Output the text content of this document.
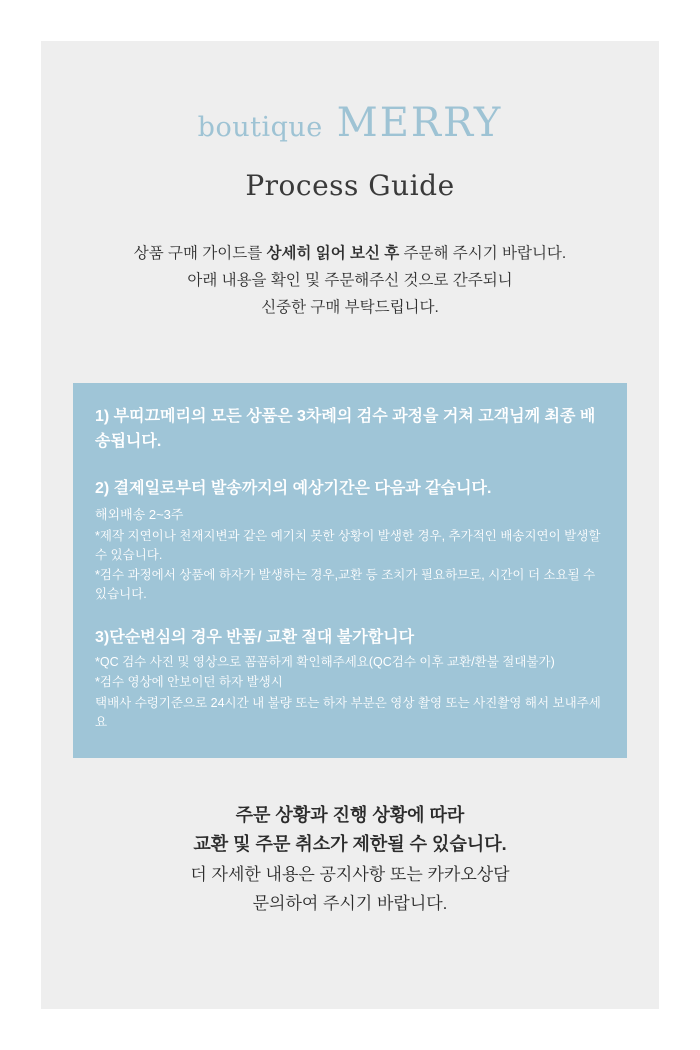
boutique MERRY
Process Guide
상품 구매 가이드를 상세히 읽어 보신 후 주문해 주시기 바랍니다.
아래 내용을 확인 및 주문해주신 것으로 간주되니
신중한 구매 부탁드립니다.

1) 부띠끄메리의 모든 상품은 3차례의 검수 과정을 거쳐 고객님께 최종 배송됩니다.

2) 결제일로부터 발송까지의 예상기간은 다음과 같습니다.

해외배송 2~3주

*제작 지연이나 천재지변과 같은 예기치 못한 상황이 발생한 경우, 추가적인 배송지연이 발생할 수 있습니다.

*검수 과정에서 상품에 하자가 발생하는 경우,교환 등 조치가 필요하므로, 시간이 더 소요될 수 있습니다.

3)단순변심의 경우 반품/ 교환 절대 불가합니다

*QC 검수 사진 및 영상으로 꼼꼼하게 확인해주세요(QC검수 이후 교환/환불 절대불가)

*검수 영상에 안보이던 하자 발생시

택배사 수령기준으로 24시간 내 불량 또는 하자 부분은 영상 촬영 또는 사진촬영 해서 보내주세요

주문 상황과 진행 상황에 따라

교환 및 주문 취소가 제한될 수 있습니다.

더 자세한 내용은 공지사항 또는 카카오상담

문의하여 주시기 바랍니다.
